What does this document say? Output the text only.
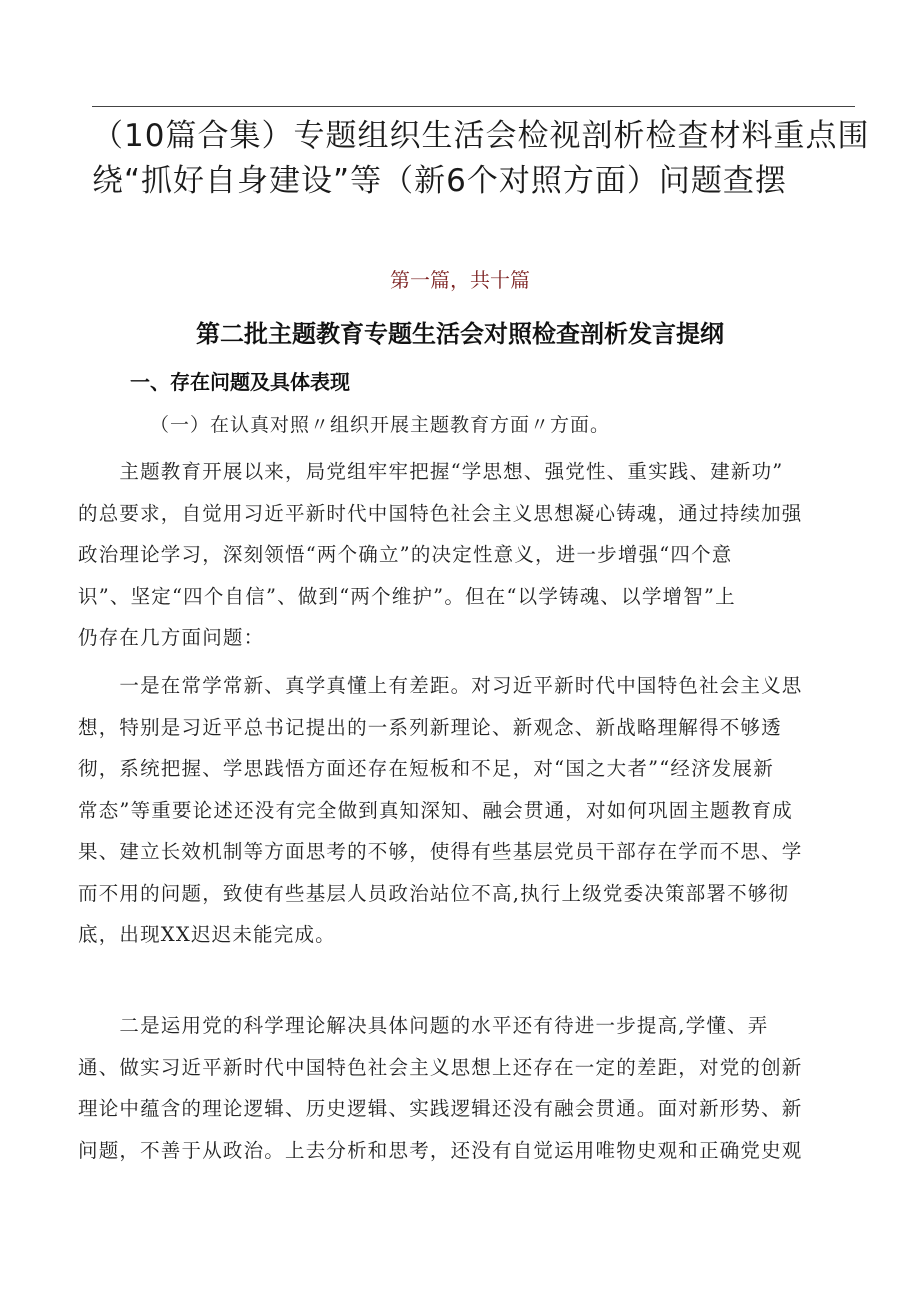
（10篇合集）专题组织生活会检视剖析检查材料重点围
绕“抓好自身建设”等（新6个对照方面）问题查摆

第一篇，共十篇

第二批主题教育专题生活会对照检查剖析发言提纲
一、存在问题及具体表现

（一）在认真对照〃组织开展主题教育方面〃方面。

　　主题教育开展以来，局党组牢牢把握“学思想、强党性、重实践、建新功”
的总要求，自觉用习近平新时代中国特色社会主义思想凝心铸魂，通过持续加强
政治理论学习，深刻领悟“两个确立”的决定性意义，进一步增强“四个意
识”、坚定“四个自信”、做到“两个维护”。但在“以学铸魂、以学增智”上
仍存在几方面问题：
　　一是在常学常新、真学真懂上有差距。对习近平新时代中国特色社会主义思
想，特别是习近平总书记提出的一系列新理论、新观念、新战略理解得不够透
彻，系统把握、学思践悟方面还存在短板和不足，对“国之大者”“经济发展新
常态”等重要论述还没有完全做到真知深知、融会贯通，对如何巩固主题教育成
果、建立长效机制等方面思考的不够，使得有些基层党员干部存在学而不思、学
而不用的问题，致使有些基层人员政治站位不高,执行上级党委决策部署不够彻
底，出现XX迟迟未能完成。
　　二是运用党的科学理论解决具体问题的水平还有待进一步提高,学懂、弄
通、做实习近平新时代中国特色社会主义思想上还存在一定的差距，对党的创新
理论中蕴含的理论逻辑、历史逻辑、实践逻辑还没有融会贯通。面对新形势、新
问题，不善于从政治。上去分析和思考，还没有自觉运用唯物史观和正确党史观
